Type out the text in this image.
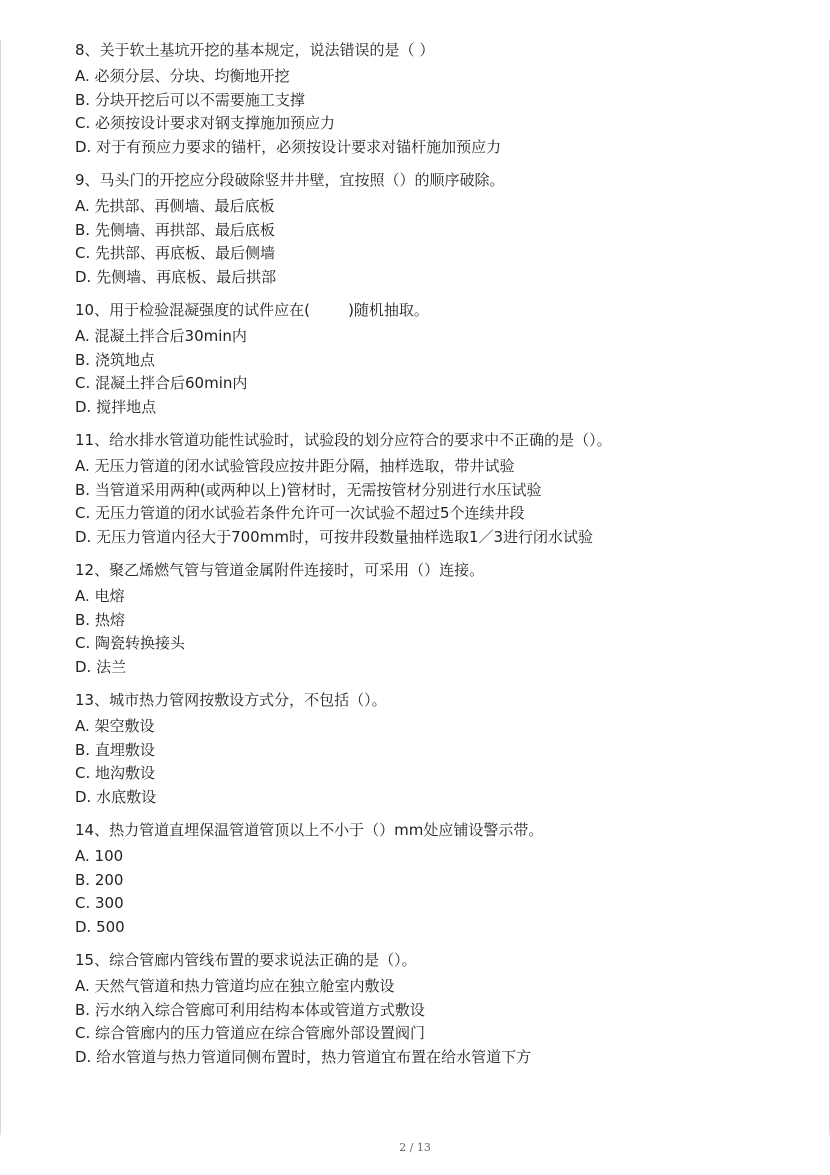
8、关于软土基坑开挖的基本规定，说法错误的是（ ）
A. 必须分层、分块、均衡地开挖
B. 分块开挖后可以不需要施工支撑
C. 必须按设计要求对钢支撑施加预应力
D. 对于有预应力要求的锚杆，必须按设计要求对锚杆施加预应力
9、马头门的开挖应分段破除竖井井壁，宜按照（）的顺序破除。
A. 先拱部、再侧墙、最后底板
B. 先侧墙、再拱部、最后底板
C. 先拱部、再底板、最后侧墙
D. 先侧墙、再底板、最后拱部
10、用于检验混凝强度的试件应在(        )随机抽取。
A. 混凝土拌合后30min内
B. 浇筑地点
C. 混凝土拌合后60min内
D. 搅拌地点
11、给水排水管道功能性试验时，试验段的划分应符合的要求中不正确的是（）。
A. 无压力管道的闭水试验管段应按井距分隔，抽样选取，带井试验
B. 当管道采用两种(或两种以上)管材时，无需按管材分别进行水压试验
C. 无压力管道的闭水试验若条件允许可一次试验不超过5个连续井段
D. 无压力管道内径大于700mm时，可按井段数量抽样选取1／3进行闭水试验
12、聚乙烯燃气管与管道金属附件连接时，可采用（）连接。
A. 电熔
B. 热熔
C. 陶瓷转换接头
D. 法兰
13、城市热力管网按敷设方式分，不包括（）。
A. 架空敷设
B. 直埋敷设
C. 地沟敷设
D. 水底敷设
14、热力管道直埋保温管道管顶以上不小于（）mm处应铺设警示带。
A. 100
B. 200
C. 300
D. 500
15、综合管廊内管线布置的要求说法正确的是（）。
A. 天然气管道和热力管道均应在独立舱室内敷设
B. 污水纳入综合管廊可利用结构本体或管道方式敷设
C. 综合管廊内的压力管道应在综合管廊外部设置阀门
D. 给水管道与热力管道同侧布置时，热力管道宜布置在给水管道下方
2 / 13
